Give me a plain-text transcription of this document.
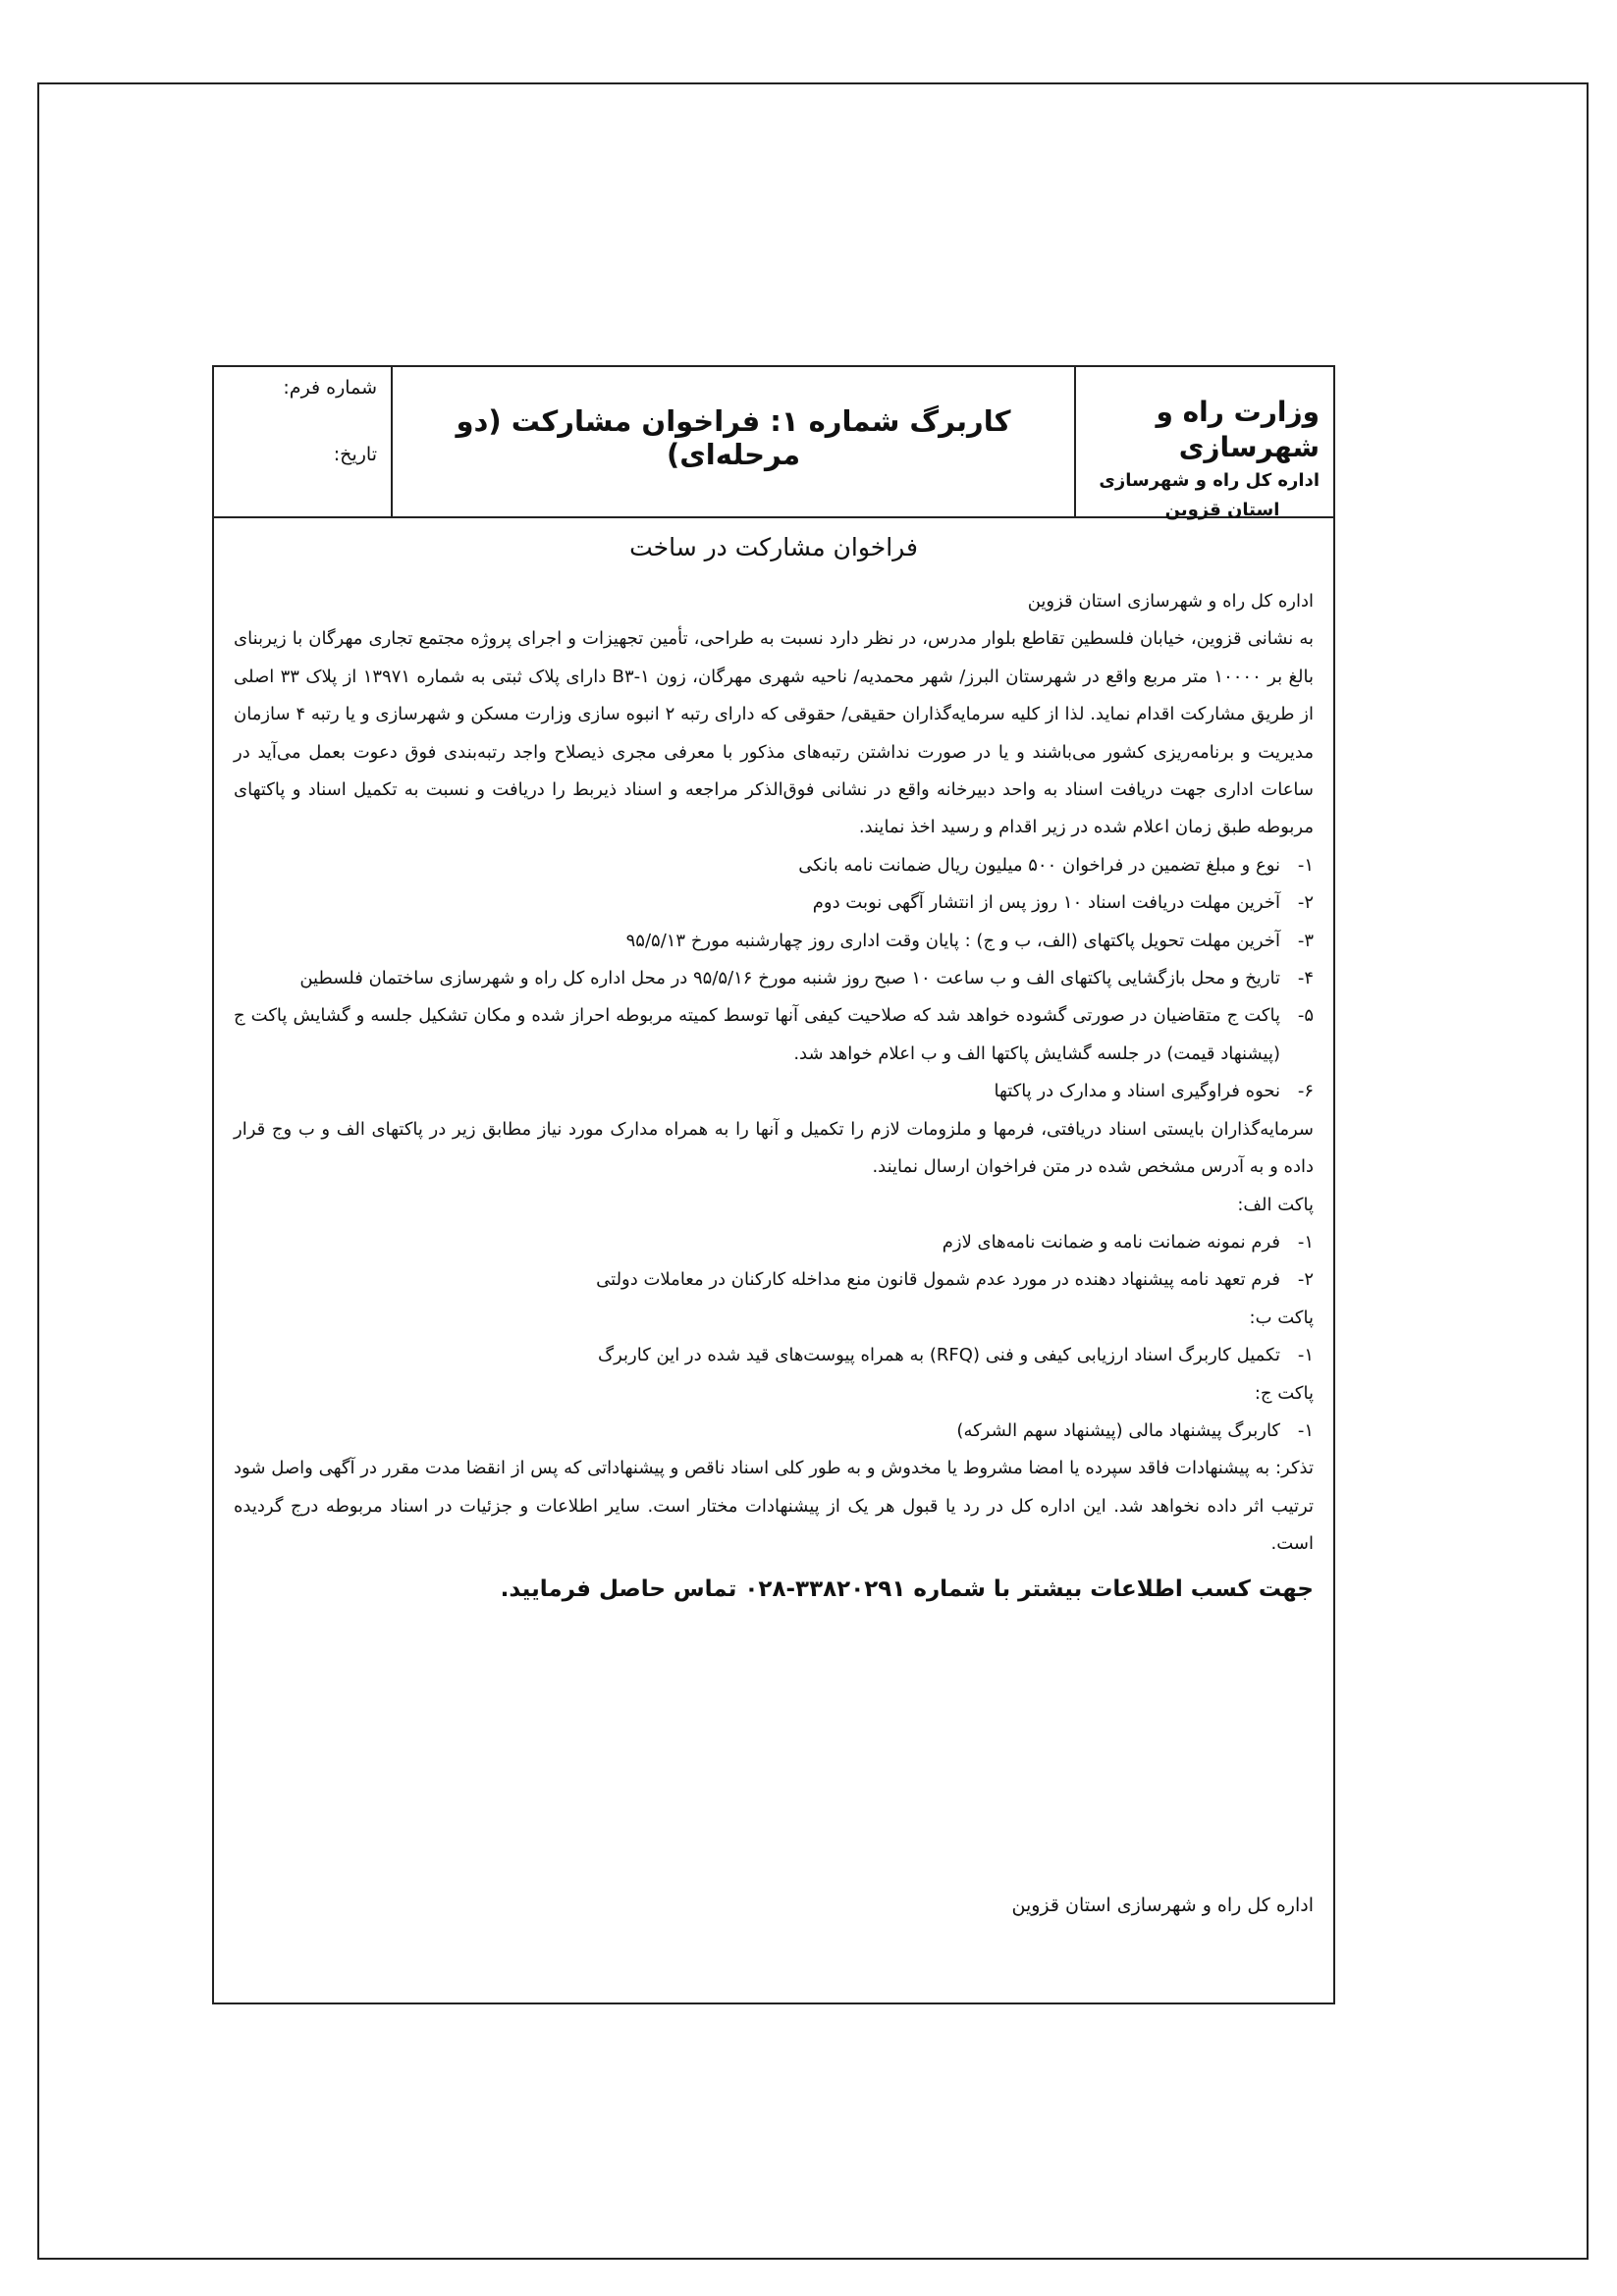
وزارت راه و شهرسازی
اداره کل راه و شهرسازی
استان قزوین
کاربرگ شماره ۱: فراخوان مشارکت (دو مرحله‌ای)
شماره فرم:
تاریخ:
فراخوان مشارکت در ساخت

اداره کل راه و شهرسازی استان قزوین

به نشانی قزوین، خیابان فلسطین تقاطع بلوار مدرس، در نظر دارد نسبت به طراحی، تأمین تجهیزات و اجرای پروژه مجتمع تجاری مهرگان با زیربنای بالغ بر ۱۰۰۰۰ متر مربع واقع در شهرستان البرز/ شهر محمدیه/ ناحیه شهری مهرگان، زون B۳-۱ دارای پلاک ثبتی به شماره ۱۳۹۷۱ از پلاک ۳۳ اصلی از طریق مشارکت اقدام نماید. لذا از کلیه سرمایه‌گذاران حقیقی/ حقوقی که دارای رتبه ۲ انبوه سازی وزارت مسکن و شهرسازی و یا رتبه ۴ سازمان مدیریت و برنامه‌ریزی کشور می‌باشند و یا در صورت نداشتن رتبه‌های مذکور با معرفی مجری ذیصلاح واجد رتبه‌بندی فوق دعوت بعمل می‌آید در ساعات اداری جهت دریافت اسناد به واحد دبیرخانه واقع در نشانی فوق‌الذکر مراجعه و اسناد ذیربط را دریافت و نسبت به تکمیل اسناد و پاکتهای مربوطه طبق زمان اعلام شده در زیر اقدام و رسید اخذ نمایند.

۱-
نوع و مبلغ تضمین در فراخوان ۵۰۰ میلیون ریال ضمانت نامه بانکی
۲-
آخرین مهلت دریافت اسناد ۱۰ روز پس از انتشار آگهی نوبت دوم
۳-
آخرین مهلت تحویل پاکتهای (الف، ب و ج) : پایان وقت اداری روز چهارشنبه مورخ ۹۵/۵/۱۳
۴-
تاریخ و محل بازگشایی پاکتهای الف و ب ساعت ۱۰ صبح روز شنبه مورخ ۹۵/۵/۱۶ در محل اداره کل راه و شهرسازی ساختمان فلسطین
۵-
پاکت ج متقاضیان در صورتی گشوده خواهد شد که صلاحیت کیفی آنها توسط کمیته مربوطه احراز شده و مکان تشکیل جلسه و گشایش پاکت ج (پیشنهاد قیمت) در جلسه گشایش پاکتها الف و ب اعلام خواهد شد.
۶-
نحوه فراوگیری اسناد و مدارک در پاکتها

سرمایه‌گذاران بایستی اسناد دریافتی، فرمها و ملزومات لازم را تکمیل و آنها را به همراه مدارک مورد نیاز مطابق زیر در پاکتهای الف و ب وج قرار داده و به آدرس مشخص شده در متن فراخوان ارسال نمایند.

پاکت الف:
۱-
فرم نمونه ضمانت نامه و ضمانت نامه‌های لازم
۲-
فرم تعهد نامه پیشنهاد دهنده در مورد عدم شمول قانون منع مداخله کارکنان در معاملات دولتی
پاکت ب:
۱-
تکمیل کاربرگ اسناد ارزیابی کیفی و فنی (RFQ) به همراه پیوست‌های قید شده در این کاربرگ
پاکت ج:
۱-
کاربرگ پیشنهاد مالی (پیشنهاد سهم الشرکه)

تذکر: به پیشنهادات فاقد سپرده یا امضا مشروط یا مخدوش و به طور کلی اسناد ناقص و پیشنهاداتی که پس از انقضا مدت مقرر در آگهی واصل شود ترتیب اثر داده نخواهد شد. این اداره کل در رد یا قبول هر یک از پیشنهادات مختار است. سایر اطلاعات و جزئیات در اسناد مربوطه درج گردیده است.

جهت کسب اطلاعات بیشتر با شماره ۳۳۸۲۰۲۹۱-۰۲۸ تماس حاصل فرمایید.
اداره کل راه و شهرسازی استان قزوین
